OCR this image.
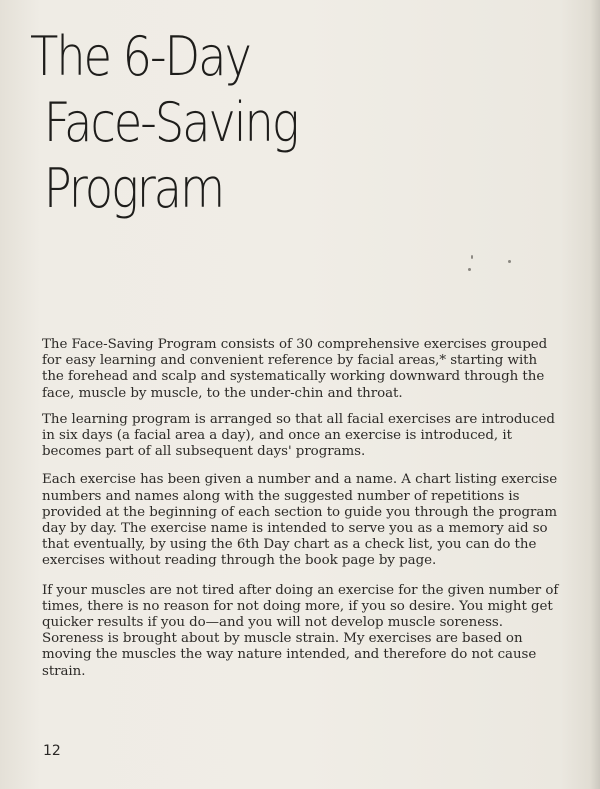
The 6-Day
Face-Saving
Program

The Face-Saving Program consists of 30 comprehensive exercises grouped for easy learning and convenient reference by facial areas,* starting with the forehead and scalp and systematically working downward through the face, muscle by muscle, to the under-chin and throat.

The learning program is arranged so that all facial exercises are introduced in six days (a facial area a day), and once an exercise is introduced, it becomes part of all subsequent days' programs.

Each exercise has been given a number and a name. A chart listing exercise numbers and names along with the suggested number of repetitions is provided at the beginning of each section to guide you through the program day by day. The exercise name is intended to serve you as a memory aid so that eventually, by using the 6th Day chart as a check list, you can do the exercises without reading through the book page by page.

If your muscles are not tired after doing an exercise for the given number of times, there is no reason for not doing more, if you so desire. You might get quicker results if you do—and you will not develop muscle soreness. Soreness is brought about by muscle strain. My exercises are based on moving the muscles the way nature intended, and therefore do not cause strain.

12
